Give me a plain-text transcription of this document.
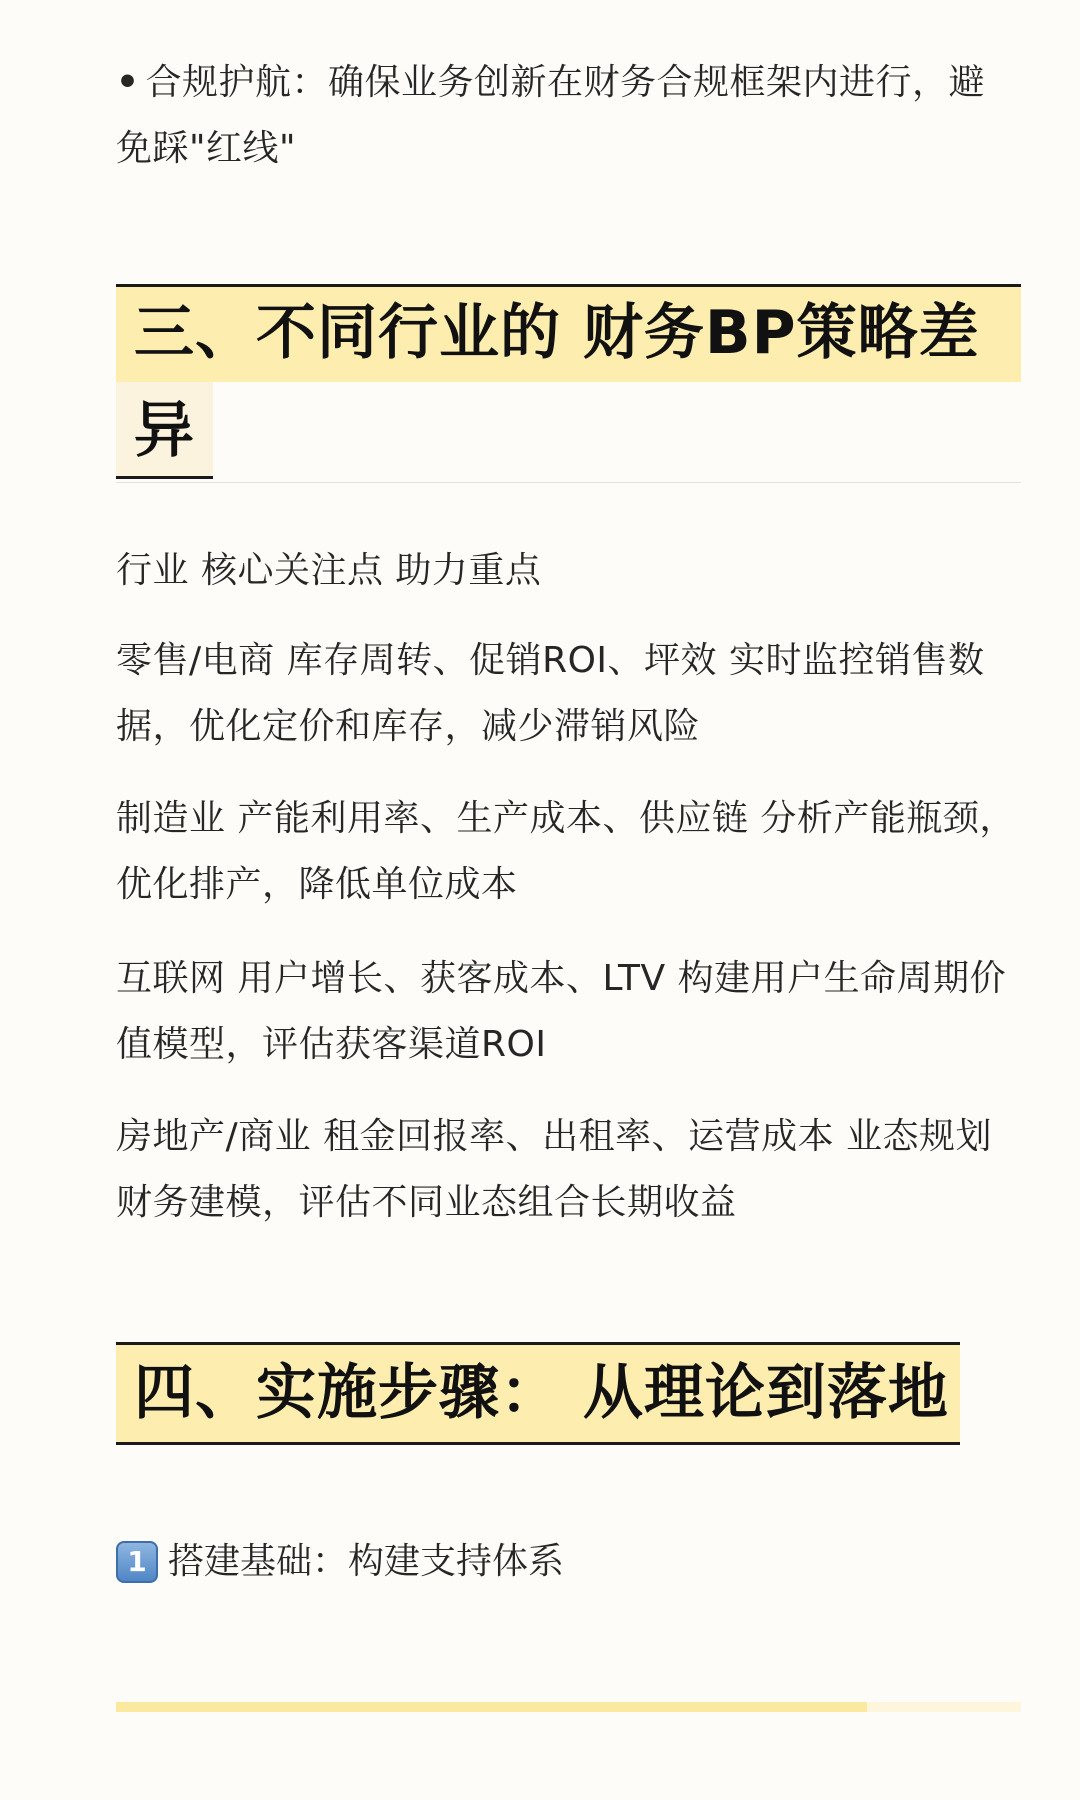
• 合规护航：确保业务创新在财务合规框架内进行，避
免踩"红线"

三、不同行业的 财务BP策略差

异

行业 核心关注点 助力重点

零售/电商 库存周转、促销ROI、坪效 实时监控销售数
据，优化定价和库存，减少滞销风险

制造业 产能利用率、生产成本、供应链 分析产能瓶颈，
优化排产，降低单位成本

互联网 用户增长、获客成本、LTV 构建用户生命周期价
值模型，评估获客渠道ROI

房地产/商业 租金回报率、出租率、运营成本 业态规划
财务建模，评估不同业态组合长期收益

四、实施步骤： 从理论到落地

1 搭建基础：构建支持体系
